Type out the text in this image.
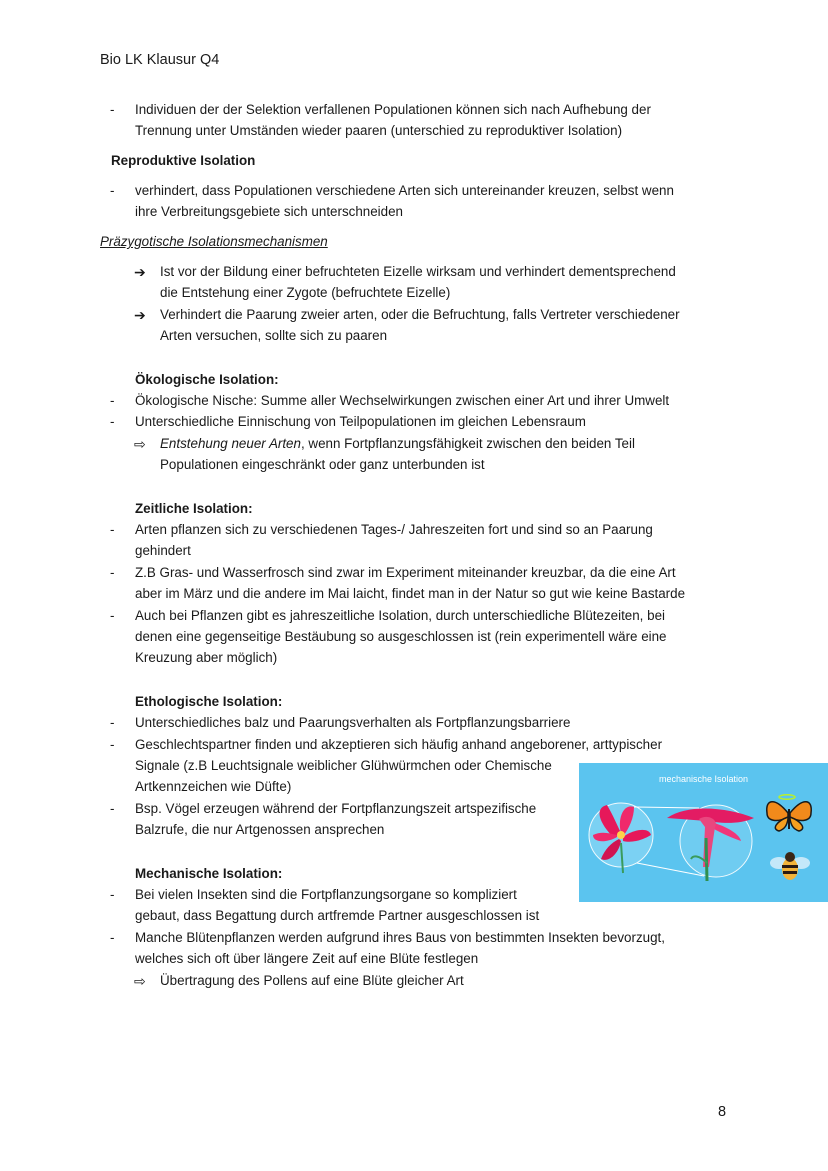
Bio LK Klausur Q4
- Individuen der der Selektion verfallenen Populationen können sich nach Aufhebung der
Trennung unter Umständen wieder paaren (unterschied zu reproduktiver Isolation)
Reproduktive Isolation
- verhindert, dass Populationen verschiedene Arten sich untereinander kreuzen, selbst wenn
ihre Verbreitungsgebiete sich unterschneiden
Präzygotische Isolationsmechanismen
➔ Ist vor der Bildung einer befruchteten Eizelle wirksam und verhindert dementsprechend
die Entstehung einer Zygote (befruchtete Eizelle)
➔ Verhindert die Paarung zweier arten, oder die Befruchtung, falls Vertreter verschiedener
Arten versuchen, sollte sich zu paaren
Ökologische Isolation:
- Ökologische Nische: Summe aller Wechselwirkungen zwischen einer Art und ihrer Umwelt
- Unterschiedliche Einnischung von Teilpopulationen im gleichen Lebensraum
⇨ Entstehung neuer Arten, wenn Fortpflanzungsfähigkeit zwischen den beiden Teil
Populationen eingeschränkt oder ganz unterbunden ist
Zeitliche Isolation:
- Arten pflanzen sich zu verschiedenen Tages-/ Jahreszeiten fort und sind so an Paarung
gehindert
- Z.B Gras- und Wasserfrosch sind zwar im Experiment miteinander kreuzbar, da die eine Art
aber im März und die andere im Mai laicht, findet man in der Natur so gut wie keine Bastarde
- Auch bei Pflanzen gibt es jahreszeitliche Isolation, durch unterschiedliche Blütezeiten, bei
denen eine gegenseitige Bestäubung so ausgeschlossen ist (rein experimentell wäre eine
Kreuzung aber möglich)
Ethologische Isolation:
- Unterschiedliches balz und Paarungsverhalten als Fortpflanzungsbarriere
- Geschlechtspartner finden und akzeptieren sich häufig anhand angeborener, arttypischer
Signale (z.B Leuchtsignale weiblicher Glühwürmchen oder Chemische
Artkennzeichen wie Düfte)
- Bsp. Vögel erzeugen während der Fortpflanzungszeit artspezifische
Balzrufe, die nur Artgenossen ansprechen
Mechanische Isolation:
- Bei vielen Insekten sind die Fortpflanzungsorgane so kompliziert
gebaut, dass Begattung durch artfremde Partner ausgeschlossen ist
- Manche Blütenpflanzen werden aufgrund ihres Baus von bestimmten Insekten bevorzugt,
welches sich oft über längere Zeit auf eine Blüte festlegen
⇨ Übertragung des Pollens auf eine Blüte gleicher Art
mechanische Isolation
8
